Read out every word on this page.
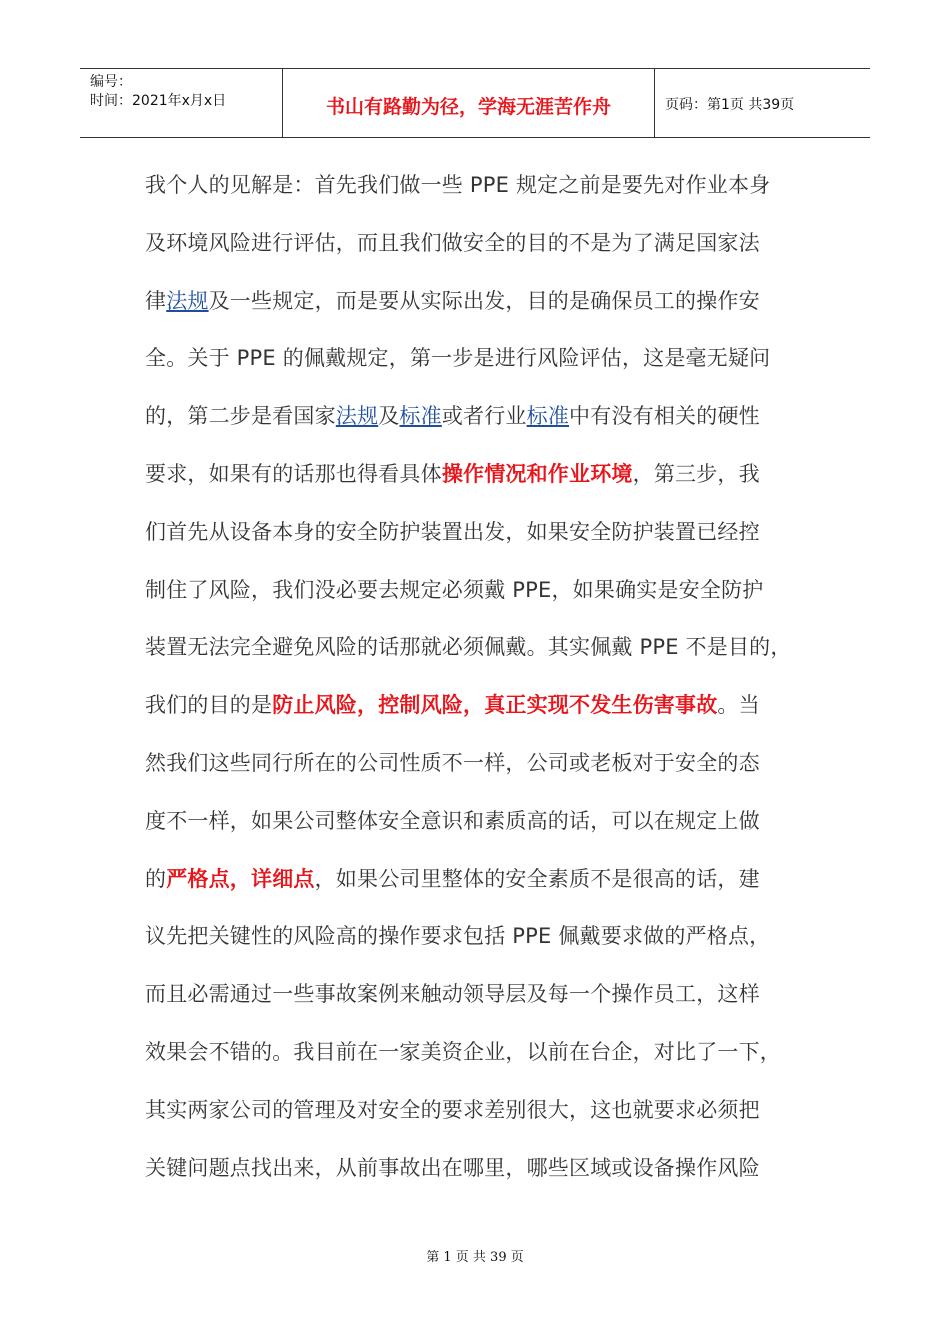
编号：
时间：2021年x月x日	书山有路勤为径，学海无涯苦作舟	页码：第1页 共39页
我个人的见解是：首先我们做一些 PPE 规定之前是要先对作业本身
及环境风险进行评估，而且我们做安全的目的不是为了满足国家法
律法规及一些规定，而是要从实际出发，目的是确保员工的操作安
全。关于 PPE 的佩戴规定，第一步是进行风险评估，这是毫无疑问
的，第二步是看国家法规及标准或者行业标准中有没有相关的硬性
要求，如果有的话那也得看具体操作情况和作业环境，第三步，我
们首先从设备本身的安全防护装置出发，如果安全防护装置已经控
制住了风险，我们没必要去规定必须戴 PPE，如果确实是安全防护
装置无法完全避免风险的话那就必须佩戴。其实佩戴 PPE 不是目的，
我们的目的是防止风险，控制风险，真正实现不发生伤害事故。当
然我们这些同行所在的公司性质不一样，公司或老板对于安全的态
度不一样，如果公司整体安全意识和素质高的话，可以在规定上做
的严格点，详细点，如果公司里整体的安全素质不是很高的话，建
议先把关键性的风险高的操作要求包括 PPE 佩戴要求做的严格点，
而且必需通过一些事故案例来触动领导层及每一个操作员工，这样
效果会不错的。我目前在一家美资企业，以前在台企，对比了一下，
其实两家公司的管理及对安全的要求差别很大，这也就要求必须把
关键问题点找出来，从前事故出在哪里，哪些区域或设备操作风险
第 1 页 共 39 页
